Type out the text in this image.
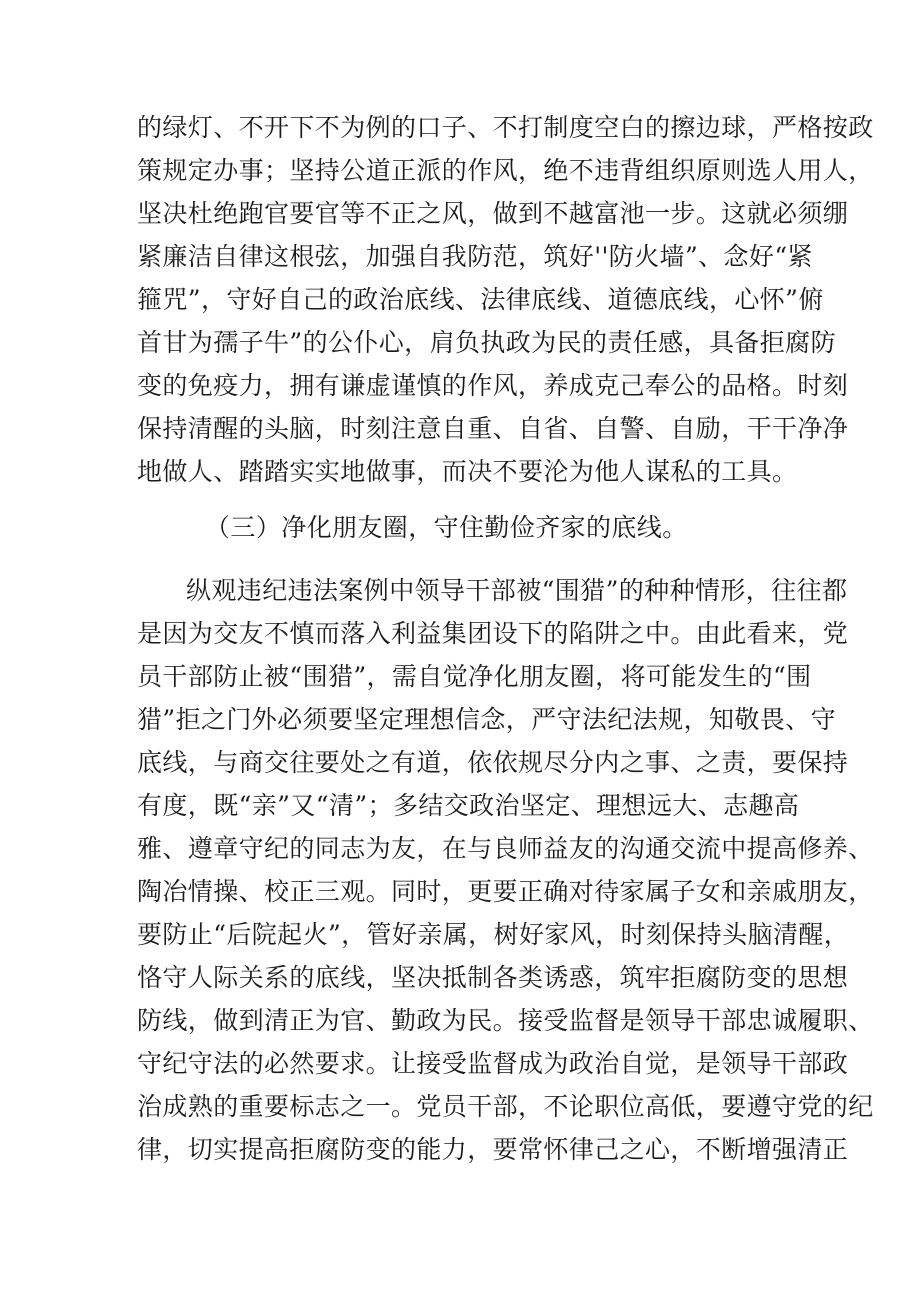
的绿灯、不开下不为例的口子、不打制度空白的擦边球，严格按政
策规定办事；坚持公道正派的作风，绝不违背组织原则选人用人，
坚决杜绝跑官要官等不正之风，做到不越富池一步。这就必须绷
紧廉洁自律这根弦，加强自我防范，筑好''防火墙”、念好“紧
箍咒”，守好自己的政治底线、法律底线、道德底线，心怀”俯
首甘为孺子牛”的公仆心，肩负执政为民的责任感，具备拒腐防
变的免疫力，拥有谦虚谨慎的作风，养成克己奉公的品格。时刻
保持清醒的头脑，时刻注意自重、自省、自警、自励，干干净净
地做人、踏踏实实地做事，而决不要沦为他人谋私的工具。
（三）净化朋友圈，守住勤俭齐家的底线。
纵观违纪违法案例中领导干部被“围猎”的种种情形，往往都
是因为交友不慎而落入利益集团设下的陷阱之中。由此看来，党
员干部防止被“围猎”，需自觉净化朋友圈，将可能发生的“围
猎”拒之门外必须要坚定理想信念，严守法纪法规，知敬畏、守
底线，与商交往要处之有道，依依规尽分内之事、之责，要保持
有度，既“亲”又“清”；多结交政治坚定、理想远大、志趣高
雅、遵章守纪的同志为友，在与良师益友的沟通交流中提高修养、
陶冶情操、校正三观。同时，更要正确对待家属子女和亲戚朋友，
要防止“后院起火”，管好亲属，树好家风，时刻保持头脑清醒，
恪守人际关系的底线，坚决抵制各类诱惑，筑牢拒腐防变的思想
防线，做到清正为官、勤政为民。接受监督是领导干部忠诚履职、
守纪守法的必然要求。让接受监督成为政治自觉，是领导干部政
治成熟的重要标志之一。党员干部，不论职位高低，要遵守党的纪
律，切实提高拒腐防变的能力，要常怀律己之心，不断增强清正
